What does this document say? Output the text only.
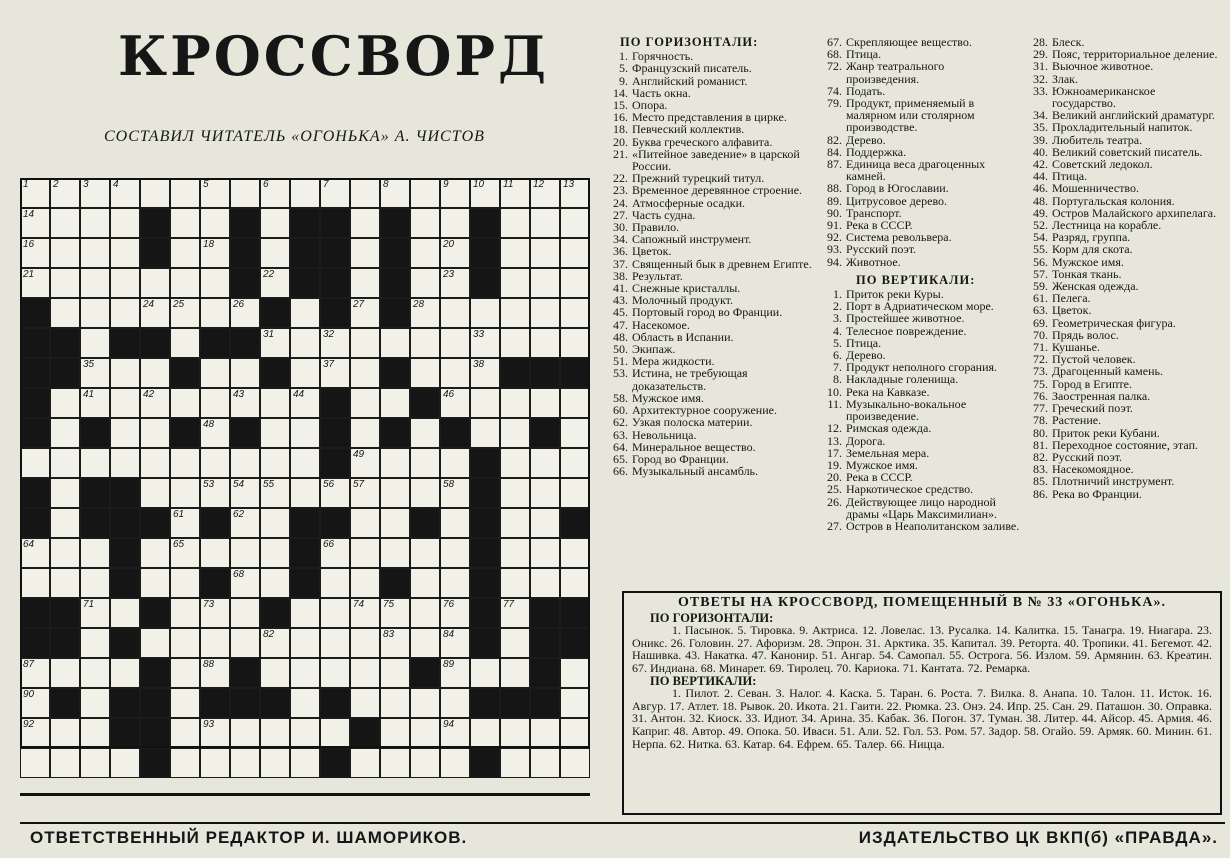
КРОССВОРД
СОСТАВИЛ ЧИТАТЕЛЬ «ОГОНЬКА» А. ЧИСТОВ
1 2 3 4	5	6	7	8	9 10 11 12 13
14	15
16	17	18	19	20
21	22	23
24 25	26	27	28
29	30 31	32	33
34	35	36	37	38 39	40
41	42	43	44	45 46
47	48	50
49
51	52	53 54 55	56 57	58 59
60	61	62	63
64	65	66	67
68	69
70	71	72	73	74 75	76	77	78
79 80	81	82	83	84 85	86
87	88	89
90	91
92	93	94
ПО ГОРИЗОНТАЛИ:
1. Горячность.
5. Французский писатель.
9. Английский романист.
14. Часть окна.
15. Опора.
16. Место представления в цирке.
18. Певческий коллектив.
20. Буква греческого алфавита.
21. «Питейное заведение» в царской России.
22. Прежний турецкий титул.
23. Временное деревянное строение.
24. Атмосферные осадки.
27. Часть судна.
30. Правило.
34. Сапожный инструмент.
36. Цветок.
37. Священный бык в древнем Египте.
38. Результат.
41. Снежные кристаллы.
43. Молочный продукт.
45. Портовый город во Франции.
47. Насекомое.
48. Область в Испании.
50. Экипаж.
51. Мера жидкости.
53. Истина, не требующая доказательств.
58. Мужское имя.
60. Архитектурное сооружение.
62. Узкая полоска материи.
63. Невольница.
64. Минеральное вещество.
65. Город во Франции.
66. Музыкальный ансамбль.
67. Скрепляющее вещество.
68. Птица.
72. Жанр театрального произведения.
74. Подать.
79. Продукт, применяемый в малярном или столярном производстве.
82. Дерево.
84. Поддержка.
87. Единица веса драгоценных камней.
88. Город в Югославии.
89. Цитрусовое дерево.
90. Транспорт.
91. Река в СССР.
92. Система револьвера.
93. Русский поэт.
94. Животное.
ПО ВЕРТИКАЛИ:
1. Приток реки Куры.
2. Порт в Адриатическом море.
3. Простейшее животное.
4. Телесное повреждение.
5. Птица.
6. Дерево.
7. Продукт неполного сгорания.
8. Накладные голенища.
10. Река на Кавказе.
11. Музыкально-вокальное произведение.
12. Римская одежда.
13. Дорога.
17. Земельная мера.
19. Мужское имя.
20. Река в СССР.
25. Наркотическое средство.
26. Действующее лицо народной драмы «Царь Максимилиан».
27. Остров в Неаполитанском заливе.
28. Блеск.
29. Пояс, территориальное деление.
31. Вьючное животное.
32. Злак.
33. Южноамериканское государство.
34. Великий английский драматург.
35. Прохладительный напиток.
39. Любитель театра.
40. Великий советский писатель.
42. Советский ледокол.
44. Птица.
46. Мошенничество.
48. Португальская колония.
49. Остров Малайского архипелага.
52. Лестница на корабле.
54. Разряд, группа.
55. Корм для скота.
56. Мужское имя.
57. Тонкая ткань.
59. Женская одежда.
61. Пелега.
63. Цветок.
69. Геометрическая фигура.
70. Прядь волос.
71. Кушанье.
72. Пустой человек.
73. Драгоценный камень.
75. Город в Египте.
76. Заостренная палка.
77. Греческий поэт.
78. Растение.
80. Приток реки Кубани.
81. Переходное состояние, этап.
82. Русский поэт.
83. Насекомоядное.
85. Плотничий инструмент.
86. Река во Франции.
ОТВЕТЫ НА КРОССВОРД, ПОМЕЩЕННЫЙ В № 33 «ОГОНЬКА».
ПО ГОРИЗОНТАЛИ:
1. Пасынок. 5. Тировка. 9. Актриса. 12. Ловелас. 13. Русалка. 14. Калитка. 15. Танагра. 19. Ниагара. 23. Оникс. 26. Головин. 27. Афоризм. 28. Эпрон. 31. Арктика. 35. Капитал. 39. Реторта. 40. Тропики. 41. Бегемот. 42. Нашивка. 43. Накатка. 47. Канонир. 51. Ангар. 54. Самопал. 55. Острога. 56. Излом. 59. Армянин. 63. Креатин. 67. Индиана. 68. Минарет. 69. Тиролец. 70. Кариока. 71. Кантата. 72. Ремарка.
ПО ВЕРТИКАЛИ:
1. Пилот. 2. Севан. 3. Налог. 4. Каска. 5. Таран. 6. Роста. 7. Вилка. 8. Анапа. 10. Талон. 11. Исток. 16. Авгур. 17. Атлет. 18. Рывок. 20. Икота. 21. Гаити. 22. Рюмка. 23. Онэ. 24. Ипр. 25. Сан. 29. Паташон. 30. Оправка. 31. Антон. 32. Киоск. 33. Идиот. 34. Арина. 35. Кабак. 36. Погон. 37. Туман. 38. Литер. 44. Айсор. 45. Армия. 46. Каприг. 48. Автор. 49. Опока. 50. Иваси. 51. Али. 52. Гол. 53. Ром. 57. Задор. 58. Огайо. 59. Армяк. 60. Минин. 61. Нерпа. 62. Нитка. 63. Катар. 64. Ефрем. 65. Талер. 66. Ницца.
ОТВЕТСТВЕННЫЙ РЕДАКТОР И. ШАМОРИКОВ.	ИЗДАТЕЛЬСТВО ЦК ВКП(б) «ПРАВДА».
